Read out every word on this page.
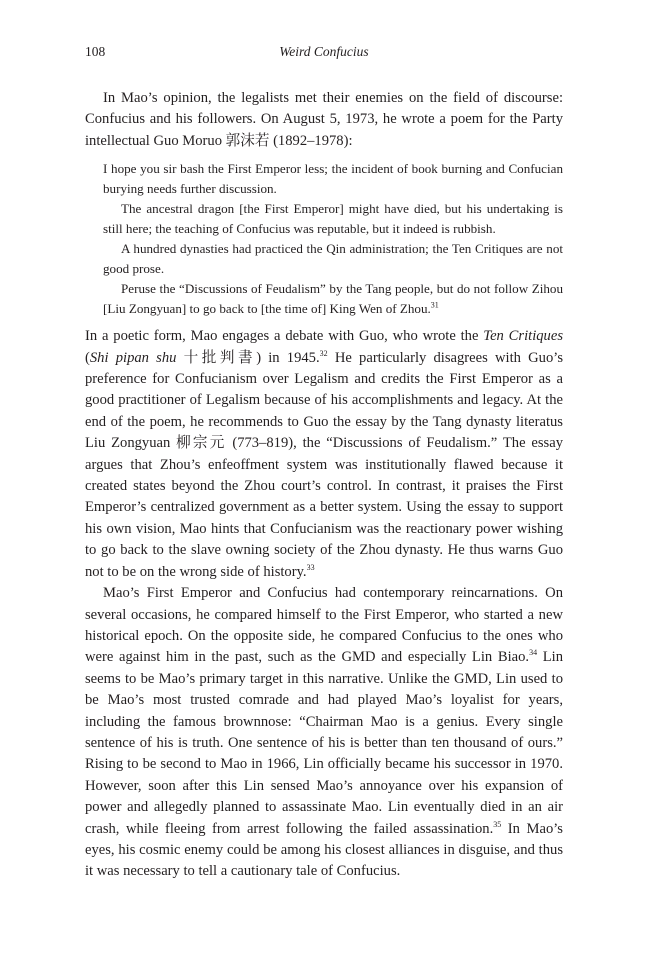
108	Weird Confucius

In Mao’s opinion, the legalists met their enemies on the field of discourse: Confucius and his followers. On August 5, 1973, he wrote a poem for the Party intellectual Guo Moruo 郭沫若 (1892–1978):

I hope you sir bash the First Emperor less; the incident of book burning and Confucian burying needs further discussion.

The ancestral dragon [the First Emperor] might have died, but his undertaking is still here; the teaching of Confucius was reputable, but it indeed is rubbish.

A hundred dynasties had practiced the Qin administration; the Ten Critiques are not good prose.

Peruse the “Discussions of Feudalism” by the Tang people, but do not follow Zihou [Liu Zongyuan] to go back to [the time of] King Wen of Zhou.$^{31}$

In a poetic form, Mao engages a debate with Guo, who wrote the Ten Critiques (Shi pipan shu 十批判書) in 1945.32 He particularly disagrees with Guo’s preference for Confucianism over Legalism and credits the First Emperor as a good practitioner of Legalism because of his accomplishments and legacy. At the end of the poem, he recommends to Guo the essay by the Tang dynasty literatus Liu Zongyuan 柳宗元 (773–819), the “Discussions of Feudalism.” The essay argues that Zhou’s enfeoffment system was institutionally flawed because it created states beyond the Zhou court’s control. In contrast, it praises the First Emperor’s centralized government as a better system. Using the essay to support his own vision, Mao hints that Confucianism was the reactionary power wishing to go back to the slave owning society of the Zhou dynasty. He thus warns Guo not to be on the wrong side of history.$^{33}$

Mao’s First Emperor and Confucius had contemporary reincarnations. On several occasions, he compared himself to the First Emperor, who started a new historical epoch. On the opposite side, he compared Confucius to the ones who were against him in the past, such as the GMD and especially Lin Biao.$^{34}$ Lin seems to be Mao’s primary target in this narrative. Unlike the GMD, Lin used to be Mao’s most trusted comrade and had played Mao’s loyalist for years, including the famous brownnose: “Chairman Mao is a genius. Every single sentence of his is truth. One sentence of his is better than ten thousand of ours.” Rising to be second to Mao in 1966, Lin officially became his successor in 1970. However, soon after this Lin sensed Mao’s annoyance over his expansion of power and allegedly planned to assassinate Mao. Lin eventually died in an air crash, while fleeing from arrest following the failed assassination.$^{35}$ In Mao’s eyes, his cosmic enemy could be among his closest alliances in disguise, and thus it was necessary to tell a cautionary tale of Confucius.
